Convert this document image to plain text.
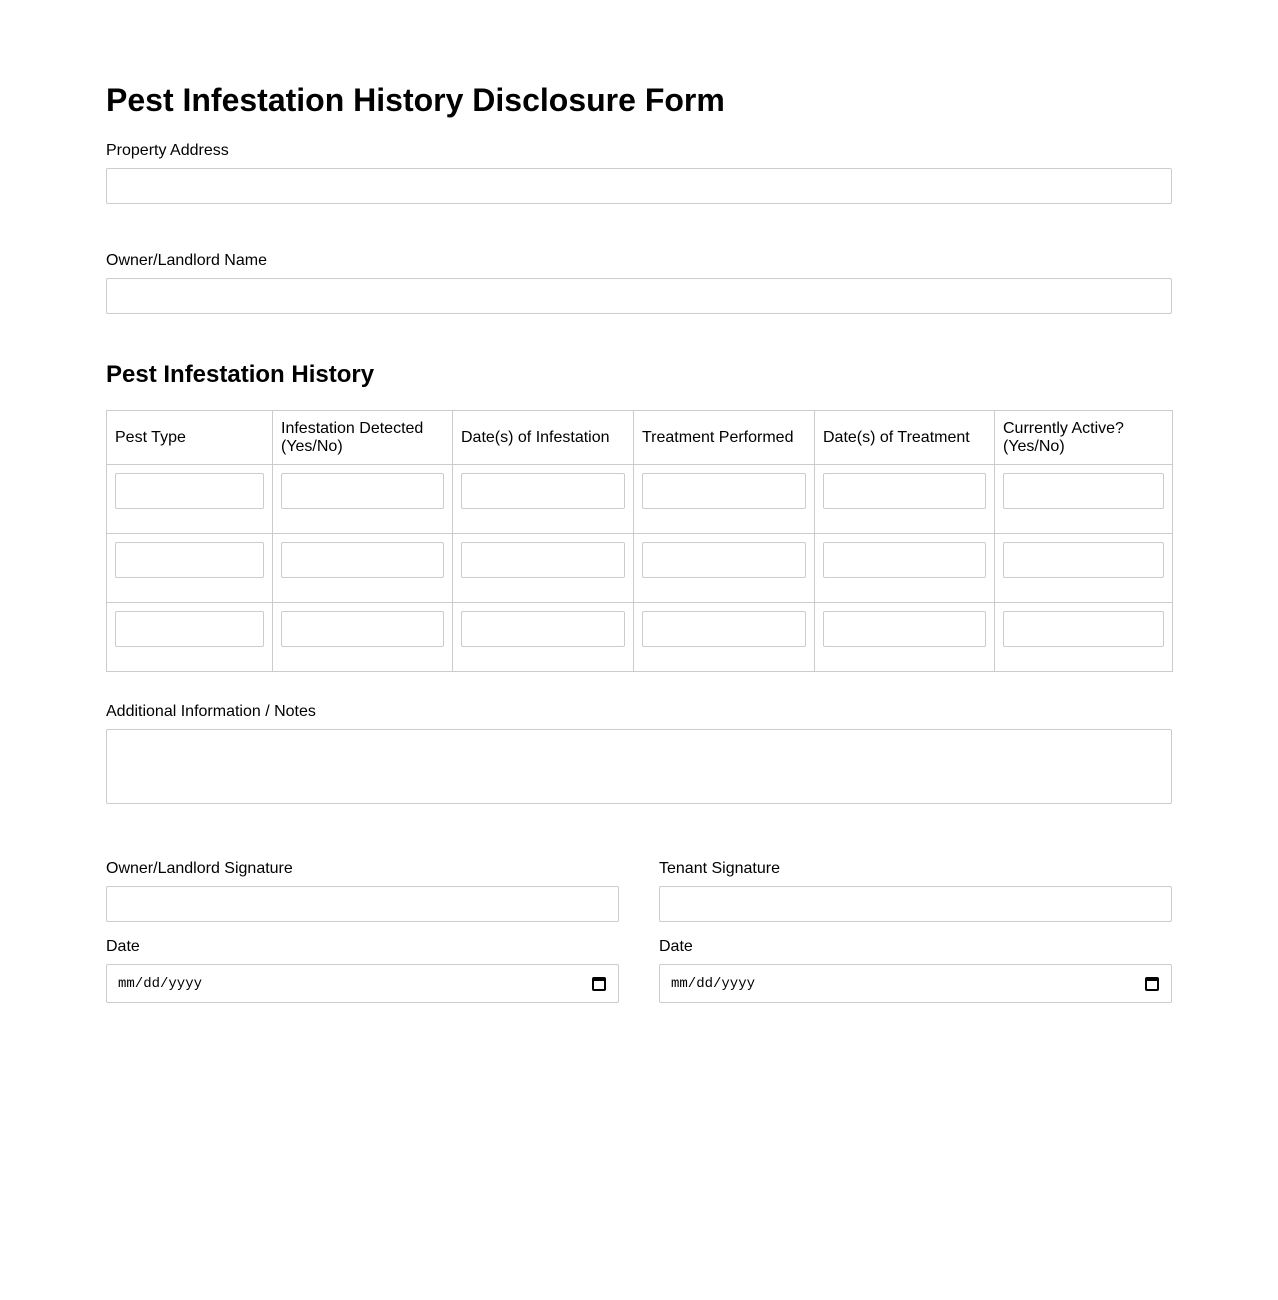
Pest Infestation History Disclosure Form
Property Address
Owner/Landlord Name
Pest Infestation History
Pest Type	Infestation Detected (Yes/No)	Date(s) of Infestation	Treatment Performed	Date(s) of Treatment	Currently Active? (Yes/No)

Additional Information / Notes
Owner/Landlord Signature
Date
mm/dd/yyyy
Tenant Signature
Date
mm/dd/yyyy
